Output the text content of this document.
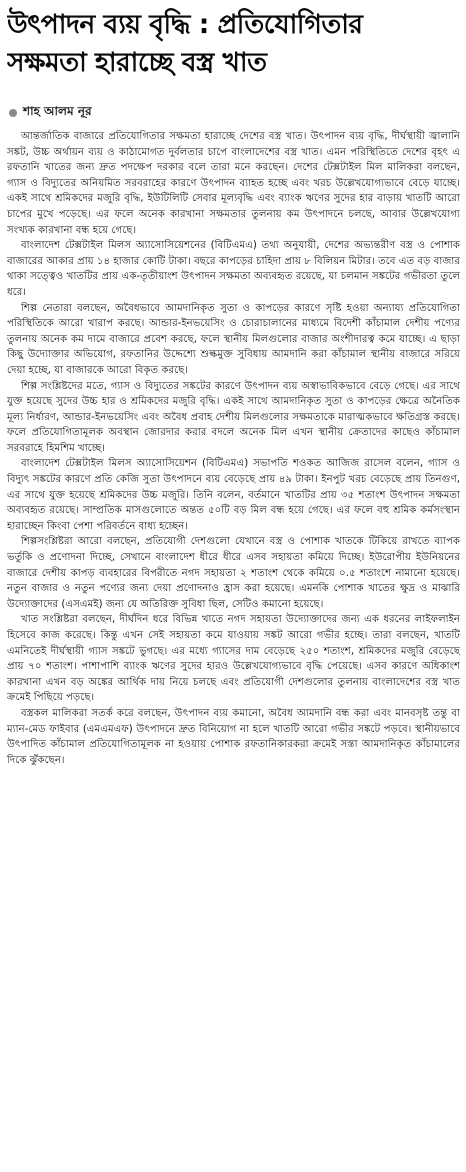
উৎপাদন ব্যয় বৃদ্ধি : প্রতিযোগিতার
সক্ষমতা হারাচ্ছে বস্ত্র খাত
শাহ আলম নূর

আন্তর্জাতিক বাজারে প্রতিযোগিতার সক্ষমতা হারাচ্ছে দেশের বস্ত্র খাত। উৎপাদন ব্যয় বৃদ্ধি, দীর্ঘস্থায়ী জ্বালানি সঙ্কট, উচ্চ অর্থায়ন ব্যয় ও কাঠামোগত দুর্বলতার চাপে বাংলাদেশের বস্ত্র খাত। এমন পরিস্থিতিতে দেশের বৃহৎ এ রফতানি খাতের জন্য দ্রুত পদক্ষেপ দরকার বলে তারা মনে করছেন। দেশের টেক্সটাইল মিল মালিকরা বলছেন, গ্যাস ও বিদ্যুতের অনিয়মিত সরবরাহের কারণে উৎপাদন ব্যাহত হচ্ছে এবং খরচ উল্লেখযোগ্যভাবে বেড়ে যাচ্ছে। একই সাথে শ্রমিকদের মজুরি বৃদ্ধি, ইউটিলিটি সেবার মূল্যবৃদ্ধি এবং ব্যাংক ঋণের সুদের হার বাড়ায় খাতটি আরো চাপের মুখে পড়েছে। এর ফলে অনেক কারখানা সক্ষমতার তুলনায় কম উৎপাদনে চলছে, আবার উল্লেখযোগ্য সংখ্যক কারখানা বন্ধ হয়ে গেছে।

বাংলাদেশ টেক্সটাইল মিলস অ্যাসোসিয়েশনের (বিটিএমএ) তথ্য অনুযায়ী, দেশের অভ্যন্তরীণ বস্ত্র ও পোশাক বাজারের আকার প্রায় ১৪ হাজার কোটি টাকা। বছরে কাপড়ের চাহিদা প্রায় ৮ বিলিয়ন মিটার। তবে এত বড় বাজার থাকা সত্ত্বেও খাতটির প্রায় এক-তৃতীয়াংশ উৎপাদন সক্ষমতা অব্যবহৃত রয়েছে, যা চলমান সঙ্কটের গভীরতা তুলে ধরে।

শিল্প নেতারা বলছেন, অবৈধভাবে আমদানিকৃত সুতা ও কাপড়ের কারণে সৃষ্টি হওয়া অন্যায্য প্রতিযোগিতা পরিস্থিতিকে আরো খারাপ করছে। আন্ডার-ইনভয়েসিং ও চোরাচালানের মাধ্যমে বিদেশী কাঁচামাল দেশীয় পণ্যের তুলনায় অনেক কম দামে বাজারে প্রবেশ করছে, ফলে স্থানীয় মিলগুলোর বাজার অংশীদারত্ব কমে যাচ্ছে। এ ছাড়া কিছু উদ্যোক্তার অভিযোগ, রফতানির উদ্দেশ্যে শুল্কমুক্ত সুবিধায় আমদানি করা কাঁচামাল স্থানীয় বাজারে সরিয়ে দেয়া হচ্ছে, যা বাজারকে আরো বিকৃত করছে।

শিল্প সংশ্লিষ্টদের মতে, গ্যাস ও বিদ্যুতের সঙ্কটের কারণে উৎপাদন ব্যয় অস্বাভাবিকভাবে বেড়ে গেছে। এর সাথে যুক্ত হয়েছে সুদের উচ্চ হার ও শ্রমিকদের মজুরি বৃদ্ধি। একই সাথে আমদানিকৃত সুতা ও কাপড়ের ক্ষেত্রে অনৈতিক মূল্য নির্ধারণ, আন্ডার-ইনভয়েসিং এবং অবৈধ প্রবাহ দেশীয় মিলগুলোর সক্ষমতাকে মারাত্মকভাবে ক্ষতিগ্রস্ত করছে। ফলে প্রতিযোগিতামূলক অবস্থান জোরদার করার বদলে অনেক মিল এখন স্থানীয় ক্রেতাদের কাছেও কাঁচামাল সরবরাহে হিমশিম খাচ্ছে।

বাংলাদেশ টেক্সটাইল মিলস অ্যাসোসিয়েশন (বিটিএমএ) সভাপতি শওকত আজিজ রাসেল বলেন, গ্যাস ও বিদ্যুৎ সঙ্কটের কারণে প্রতি কেজি সুতা উৎপাদনে ব্যয় বেড়েছে প্রায় ৪৯ টাকা। ইনপুট খরচ বেড়েছে প্রায় তিনগুণ, এর সাথে যুক্ত হয়েছে শ্রমিকদের উচ্চ মজুরি। তিনি বলেন, বর্তমানে খাতটির প্রায় ৩৫ শতাংশ উৎপাদন সক্ষমতা অব্যবহৃত রয়েছে। সাম্প্রতিক মাসগুলোতে অন্তত ৫০টি বড় মিল বন্ধ হয়ে গেছে। এর ফলে বহু শ্রমিক কর্মসংস্থান হারাচ্ছেন কিংবা পেশা পরিবর্তনে বাধ্য হচ্ছেন।

শিল্পসংশ্লিষ্টরা আরো বলছেন, প্রতিযোগী দেশগুলো যেখানে বস্ত্র ও পোশাক খাতকে টিকিয়ে রাখতে ব্যাপক ভর্তুকি ও প্রণোদনা দিচ্ছে, সেখানে বাংলাদেশ ধীরে ধীরে এসব সহায়তা কমিয়ে দিচ্ছে। ইউরোপীয় ইউনিয়নের বাজারে দেশীয় কাপড় ব্যবহারের বিপরীতে নগদ সহায়তা ২ শতাংশ থেকে কমিয়ে ০.৫ শতাংশে নামানো হয়েছে। নতুন বাজার ও নতুন পণ্যের জন্য দেয়া প্রণোদনাও হ্রাস করা হয়েছে। এমনকি পোশাক খাতের ক্ষুদ্র ও মাঝারি উদ্যোক্তাদের (এসএমই) জন্য যে অতিরিক্ত সুবিধা ছিল, সেটিও কমানো হয়েছে।

খাত সংশ্লিষ্টরা বলছেন, দীর্ঘদিন ধরে বিভিন্ন খাতে নগদ সহায়তা উদ্যোক্তাদের জন্য এক ধরনের লাইফলাইন হিসেবে কাজ করেছে। কিন্তু এখন সেই সহায়তা কমে যাওয়ায় সঙ্কট আরো গভীর হচ্ছে। তারা বলছেন, খাতটি এমনিতেই দীর্ঘস্থায়ী গ্যাস সঙ্কটে ভুগছে। এর মধ্যে গ্যাসের দাম বেড়েছে ২৫০ শতাংশ, শ্রমিকদের মজুরি বেড়েছে প্রায় ৭০ শতাংশ। পাশাপাশি ব্যাংক ঋণের সুদের হারও উল্লেখযোগ্যভাবে বৃদ্ধি পেয়েছে। এসব কারণে অধিকাংশ কারখানা এখন বড় অঙ্কের আর্থিক দায় নিয়ে চলছে এবং প্রতিযোগী দেশগুলোর তুলনায় বাংলাদেশের বস্ত্র খাত ক্রমেই পিছিয়ে পড়ছে।

বস্ত্রকল মালিকরা সতর্ক করে বলছেন, উৎপাদন ব্যয় কমানো, অবৈধ আমদানি বন্ধ করা এবং মানবসৃষ্ট তন্তু বা ম্যান-মেড ফাইবার (এমএমএফ) উৎপাদনে দ্রুত বিনিয়োগ না হলে খাতটি আরো গভীর সঙ্কটে পড়বে। স্থানীয়ভাবে উৎপাদিত কাঁচামাল প্রতিযোগিতামূলক না হওয়ায় পোশাক রফতানিকারকরা ক্রমেই সস্তা আমদানিকৃত কাঁচামালের দিকে ঝুঁকছেন।
